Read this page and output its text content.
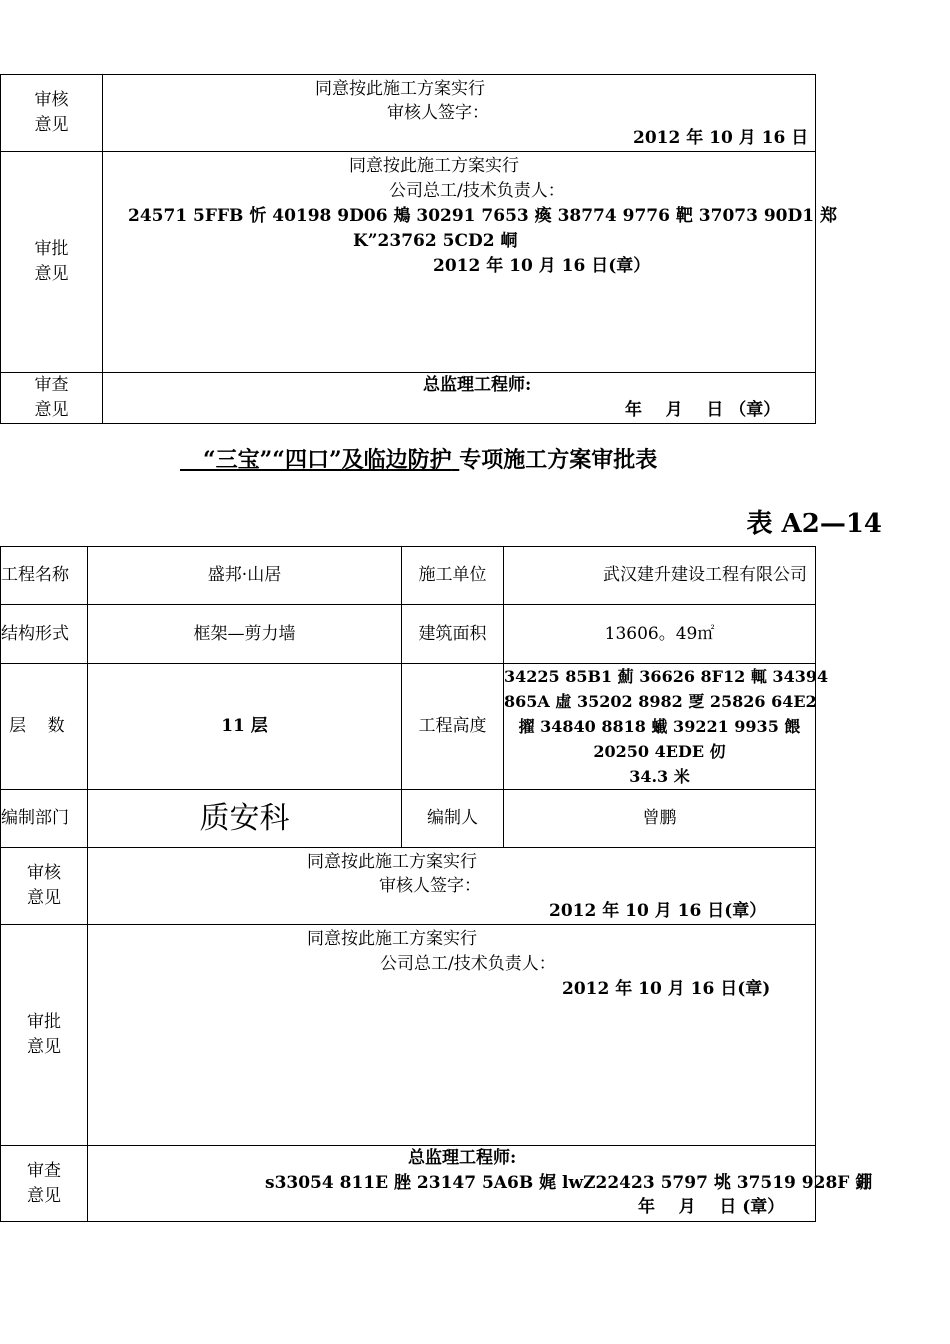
审核
意见	同意按此施工方案实行
审核人签字：
2012 年 10 月 16 日

审批
意见	同意按此施工方案实行
公司总工/技术负责人：
24571 5FFB 忻 40198 9D06 鴂 30291 7653 瘓 38774 9776 靶 37073 90D1 郑
K”23762 5CD2 峒
2012 年 10 月 16 日(章）

审查
意见	总监理工程师:
年    月    日 （章）
“三宝”“四口”及临边防护 专项施工方案审批表
表 A2—14
工程名称	盛邦·山居	施工单位	武汉建升建设工程有限公司
结构形式	框架—剪力墙	建筑面积	13606。49㎡
层    数	11 层	工程高度	34225 85B1 薊 36626 8F12 輒 34394
865A 虛 35202 8982 覂 25826 64E2
擢 34840 8818 蠘 39221 9935 餵
20250 4EDE 仞
34.3 米

编制部门	质安科	编制人	曾鹏

审核
意见	同意按此施工方案实行
审核人签字：
2012 年 10 月 16 日(章）		

审批
意见	同意按此施工方案实行
公司总工/技术负责人：
2012 年 10 月 16 日(章)		

审查
意见	总监理工程师:
s33054 811E 脞 23147 5A6B 娓 lwZ22423 5797 垗 37519 928F 錋
年    月    日 (章）		
